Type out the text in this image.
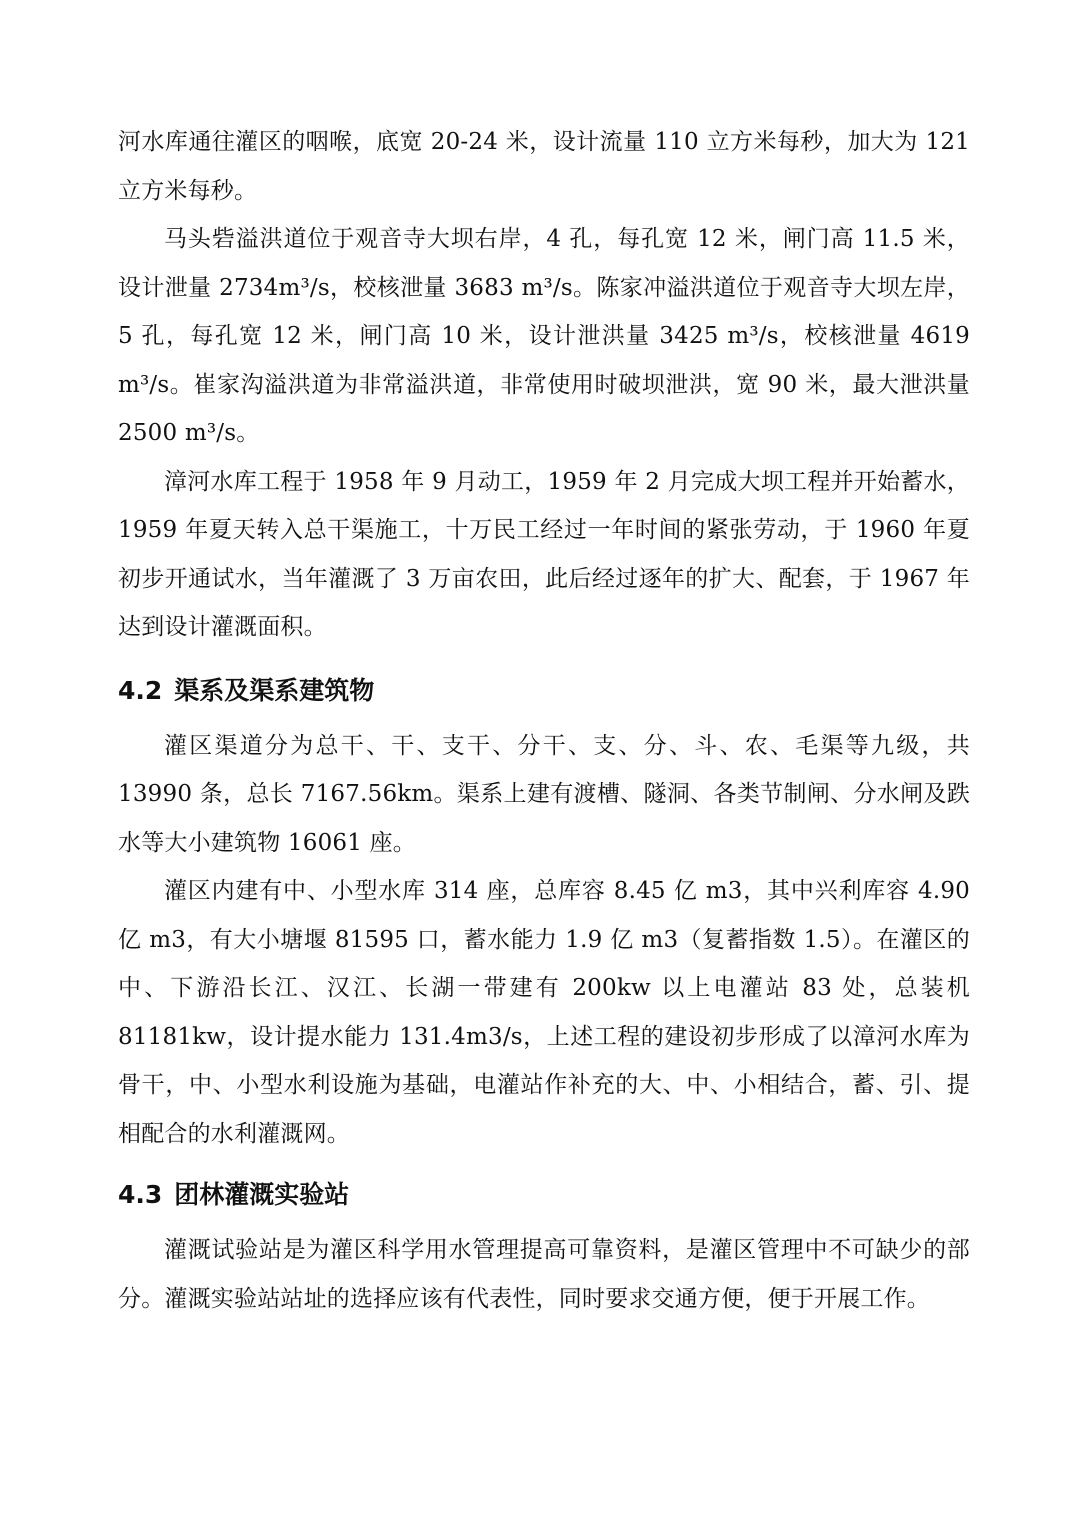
河水库通往灌区的咽喉，底宽 20-24 米，设计流量 110 立方米每秒，加大为 121 立方米每秒。

马头砦溢洪道位于观音寺大坝右岸，4 孔，每孔宽 12 米，闸门高 11.5 米，设计泄量 2734m³/s，校核泄量 3683 m³/s。陈家冲溢洪道位于观音寺大坝左岸，5 孔，每孔宽 12 米，闸门高 10 米，设计泄洪量 3425 m³/s，校核泄量 4619 m³/s。崔家沟溢洪道为非常溢洪道，非常使用时破坝泄洪，宽 90 米，最大泄洪量 2500 m³/s。

漳河水库工程于 1958 年 9 月动工，1959 年 2 月完成大坝工程并开始蓄水，1959 年夏天转入总干渠施工，十万民工经过一年时间的紧张劳动，于 1960 年夏初步开通试水，当年灌溉了 3 万亩农田，此后经过逐年的扩大、配套，于 1967 年达到设计灌溉面积。

4.2 渠系及渠系建筑物

灌区渠道分为总干、干、支干、分干、支、分、斗、农、毛渠等九级，共 13990 条，总长 7167.56km。渠系上建有渡槽、隧洞、各类节制闸、分水闸及跌水等大小建筑物 16061 座。

灌区内建有中、小型水库 314 座，总库容 8.45 亿 m3，其中兴利库容 4.90 亿 m3，有大小塘堰 81595 口，蓄水能力 1.9 亿 m3（复蓄指数 1.5）。在灌区的中、下游沿长江、汉江、长湖一带建有 200kw 以上电灌站 83 处，总装机 81181kw，设计提水能力 131.4m3/s，上述工程的建设初步形成了以漳河水库为骨干，中、小型水利设施为基础，电灌站作补充的大、中、小相结合，蓄、引、提相配合的水利灌溉网。

4.3 团林灌溉实验站

灌溉试验站是为灌区科学用水管理提高可靠资料，是灌区管理中不可缺少的部分。灌溉实验站站址的选择应该有代表性，同时要求交通方便，便于开展工作。
